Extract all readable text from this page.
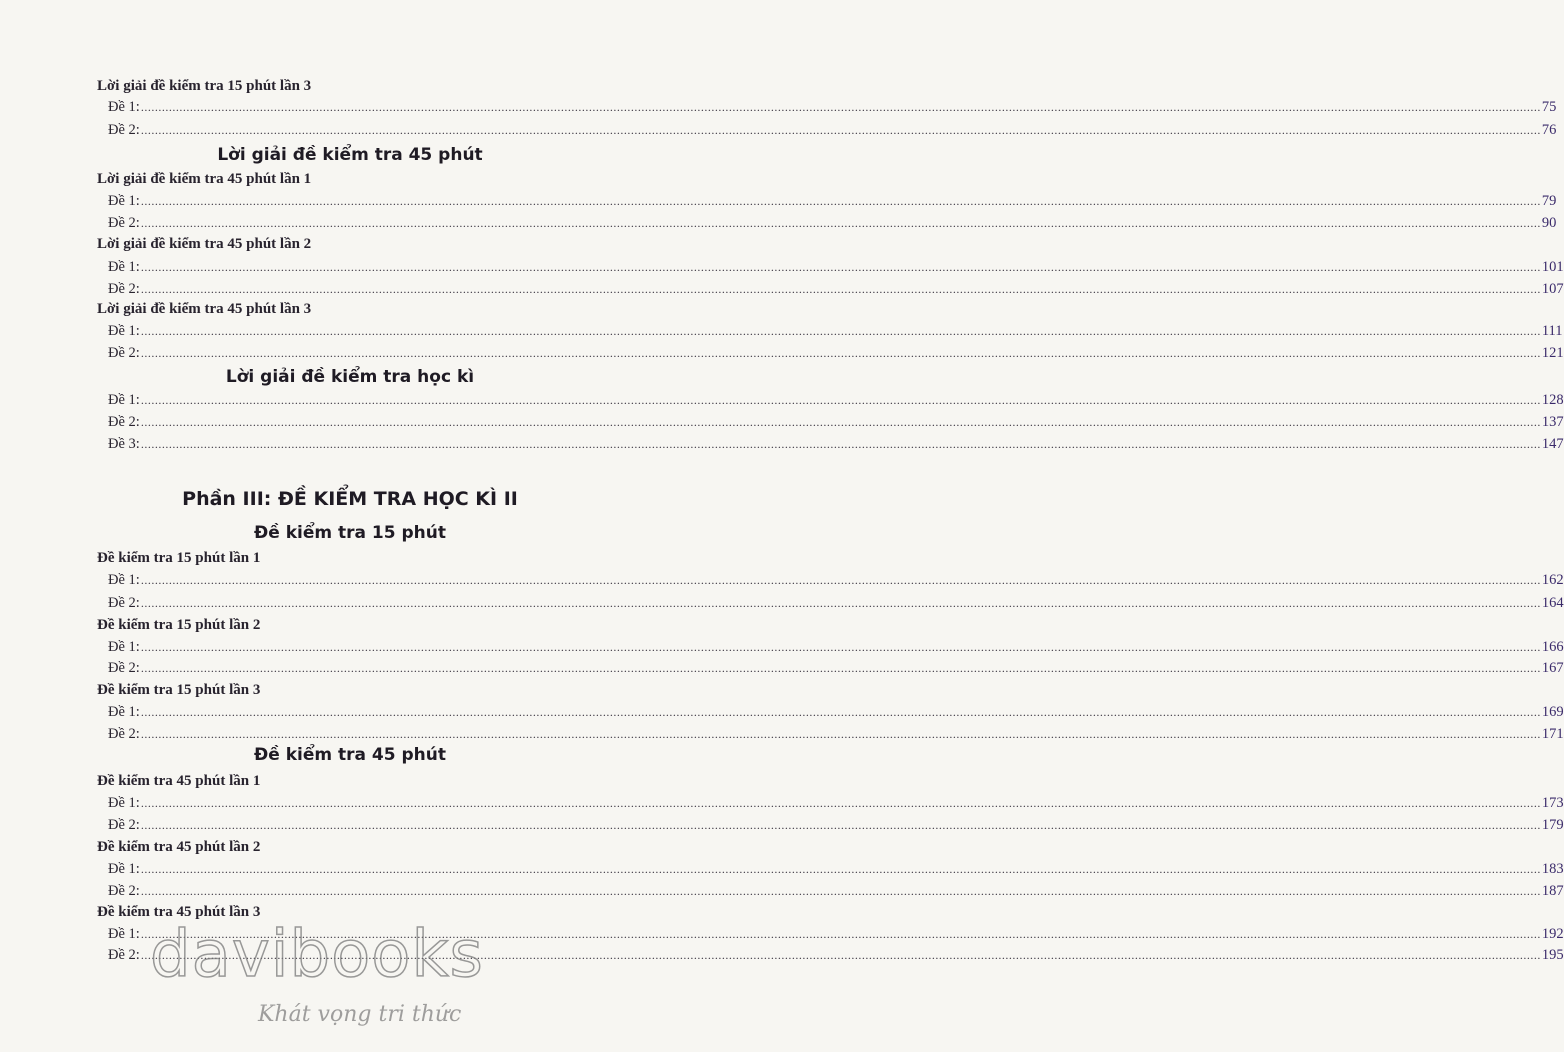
Lời giải đề kiểm tra 15 phút lần 3
Đề 1: ................................................................................................................................................................................................................................................................................................................................................................................................................ 75
Đề 2: ................................................................................................................................................................................................................................................................................................................................................................................................................ 76
Lời giải đề kiểm tra 45 phút
Lời giải đề kiểm tra 45 phút lần 1
Đề 1: ................................................................................................................................................................................................................................................................................................................................................................................................................ 79
Đề 2: ................................................................................................................................................................................................................................................................................................................................................................................................................ 90
Lời giải đề kiểm tra 45 phút lần 2
Đề 1: ................................................................................................................................................................................................................................................................................................................................................................................................................ 101
Đề 2: ................................................................................................................................................................................................................................................................................................................................................................................................................ 107
Lời giải đề kiểm tra 45 phút lần 3
Đề 1: ................................................................................................................................................................................................................................................................................................................................................................................................................ 111
Đề 2: ................................................................................................................................................................................................................................................................................................................................................................................................................ 121
Lời giải đề kiểm tra học kì
Đề 1: ................................................................................................................................................................................................................................................................................................................................................................................................................ 128
Đề 2: ................................................................................................................................................................................................................................................................................................................................................................................................................ 137
Đề 3: ................................................................................................................................................................................................................................................................................................................................................................................................................ 147
Phần III: ĐỀ KIỂM TRA HỌC KÌ II
Đề kiểm tra 15 phút
Đề kiểm tra 15 phút lần 1
Đề 1: ................................................................................................................................................................................................................................................................................................................................................................................................................ 162
Đề 2: ................................................................................................................................................................................................................................................................................................................................................................................................................ 164
Đề kiểm tra 15 phút lần 2
Đề 1: ................................................................................................................................................................................................................................................................................................................................................................................................................ 166
Đề 2: ................................................................................................................................................................................................................................................................................................................................................................................................................ 167
Đề kiểm tra 15 phút lần 3
Đề 1: ................................................................................................................................................................................................................................................................................................................................................................................................................ 169
Đề 2: ................................................................................................................................................................................................................................................................................................................................................................................................................ 171
Đề kiểm tra 45 phút
Đề kiểm tra 45 phút lần 1
Đề 1: ................................................................................................................................................................................................................................................................................................................................................................................................................ 173
Đề 2: ................................................................................................................................................................................................................................................................................................................................................................................................................ 179
Đề kiểm tra 45 phút lần 2
Đề 1: ................................................................................................................................................................................................................................................................................................................................................................................................................ 183
Đề 2: ................................................................................................................................................................................................................................................................................................................................................................................................................ 187
Đề kiểm tra 45 phút lần 3
Đề 1: ................................................................................................................................................................................................................................................................................................................................................................................................................ 192
Đề 2: ................................................................................................................................................................................................................................................................................................................................................................................................................ 195
davibooks
Khát vọng tri thức
